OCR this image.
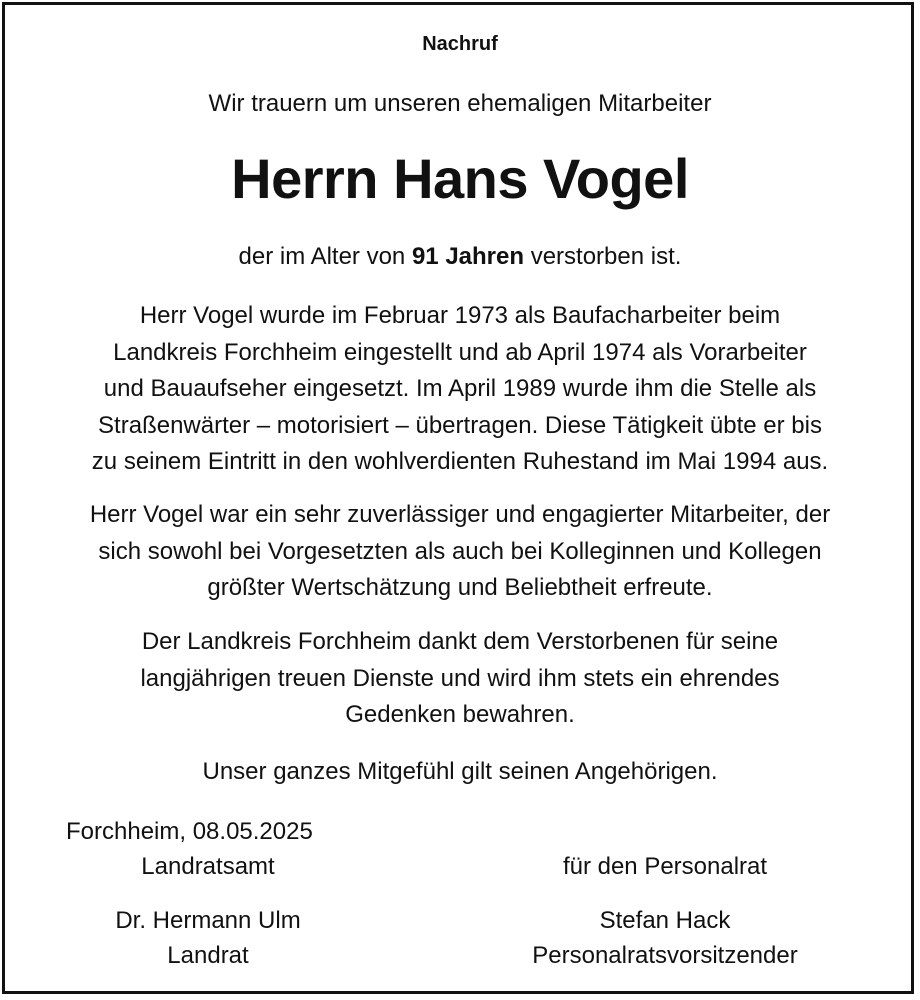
Nachruf
Wir trauern um unseren ehemaligen Mitarbeiter
Herrn Hans Vogel
der im Alter von 91 Jahren verstorben ist.
Herr Vogel wurde im Februar 1973 als Baufacharbeiter beim
Landkreis Forchheim eingestellt und ab April 1974 als Vorarbeiter
und Bauaufseher eingesetzt. Im April 1989 wurde ihm die Stelle als
Straßenwärter – motorisiert – übertragen. Diese Tätigkeit übte er bis
zu seinem Eintritt in den wohlverdienten Ruhestand im Mai 1994 aus.
Herr Vogel war ein sehr zuverlässiger und engagierter Mitarbeiter, der
sich sowohl bei Vorgesetzten als auch bei Kolleginnen und Kollegen
größter Wertschätzung und Beliebtheit erfreute.
Der Landkreis Forchheim dankt dem Verstorbenen für seine
langjährigen treuen Dienste und wird ihm stets ein ehrendes
Gedenken bewahren.
Unser ganzes Mitgefühl gilt seinen Angehörigen.
Forchheim, 08.05.2025
Landratsamt	für den Personalrat
Dr. Hermann Ulm
Landrat
Stefan Hack
Personalratsvorsitzender
